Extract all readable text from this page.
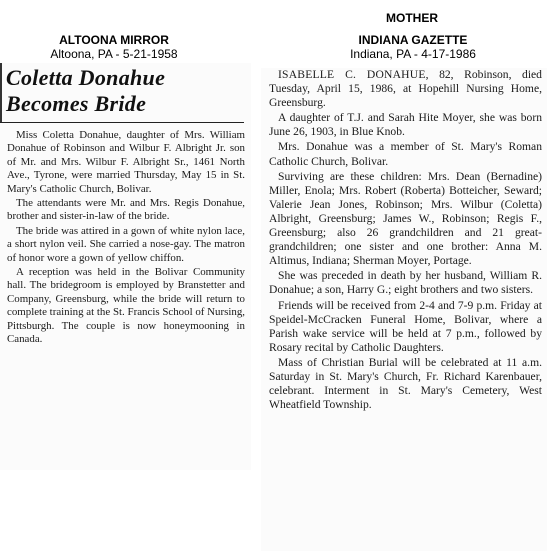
MOTHER
ALTOONA MIRROR
Altoona, PA - 5-21-1958
INDIANA GAZETTE
Indiana, PA - 4-17-1986
Coletta Donahue
Becomes Bride

Miss Coletta Donahue, daughter of Mrs. William Donahue of Robinson and Wilbur F. Albright Jr. son of Mr. and Mrs. Wilbur F. Albright Sr., 1461 North Ave., Tyrone, were married Thursday, May 15 in St. Mary's Catholic Church, Bolivar.

The attendants were Mr. and Mrs. Regis Donahue, brother and sister-in-law of the bride.

The bride was attired in a gown of white nylon lace, a short nylon veil. She carried a nose-gay. The matron of honor wore a gown of yellow chiffon.

A reception was held in the Bolivar Community hall. The bridegroom is employed by Branstetter and Company, Greensburg, while the bride will return to complete training at the St. Francis School of Nursing, Pittsburgh. The couple is now honeymooning in Canada.

ISABELLE C. DONAHUE, 82, Robinson, died Tuesday, April 15, 1986, at Hopehill Nursing Home, Greensburg.

A daughter of T.J. and Sarah Hite Moyer, she was born June 26, 1903, in Blue Knob.

Mrs. Donahue was a member of St. Mary's Roman Catholic Church, Bolivar.

Surviving are these children: Mrs. Dean (Bernadine) Miller, Enola; Mrs. Robert (Roberta) Botteicher, Seward; Valerie Jean Jones, Robinson; Mrs. Wilbur (Coletta) Albright, Greensburg; James W., Robinson; Regis F., Greensburg; also 26 grandchildren and 21 great-grandchildren; one sister and one brother: Anna M. Altimus, Indiana; Sherman Moyer, Portage.

She was preceded in death by her husband, William R. Donahue; a son, Harry G.; eight brothers and two sisters.

Friends will be received from 2-4 and 7-9 p.m. Friday at Speidel-McCracken Funeral Home, Bolivar, where a Parish wake service will be held at 7 p.m., followed by Rosary recital by Catholic Daughters.

Mass of Christian Burial will be celebrated at 11 a.m. Saturday in St. Mary's Church, Fr. Richard Karenbauer, celebrant. Interment in St. Mary's Cemetery, West Wheatfield Township.
